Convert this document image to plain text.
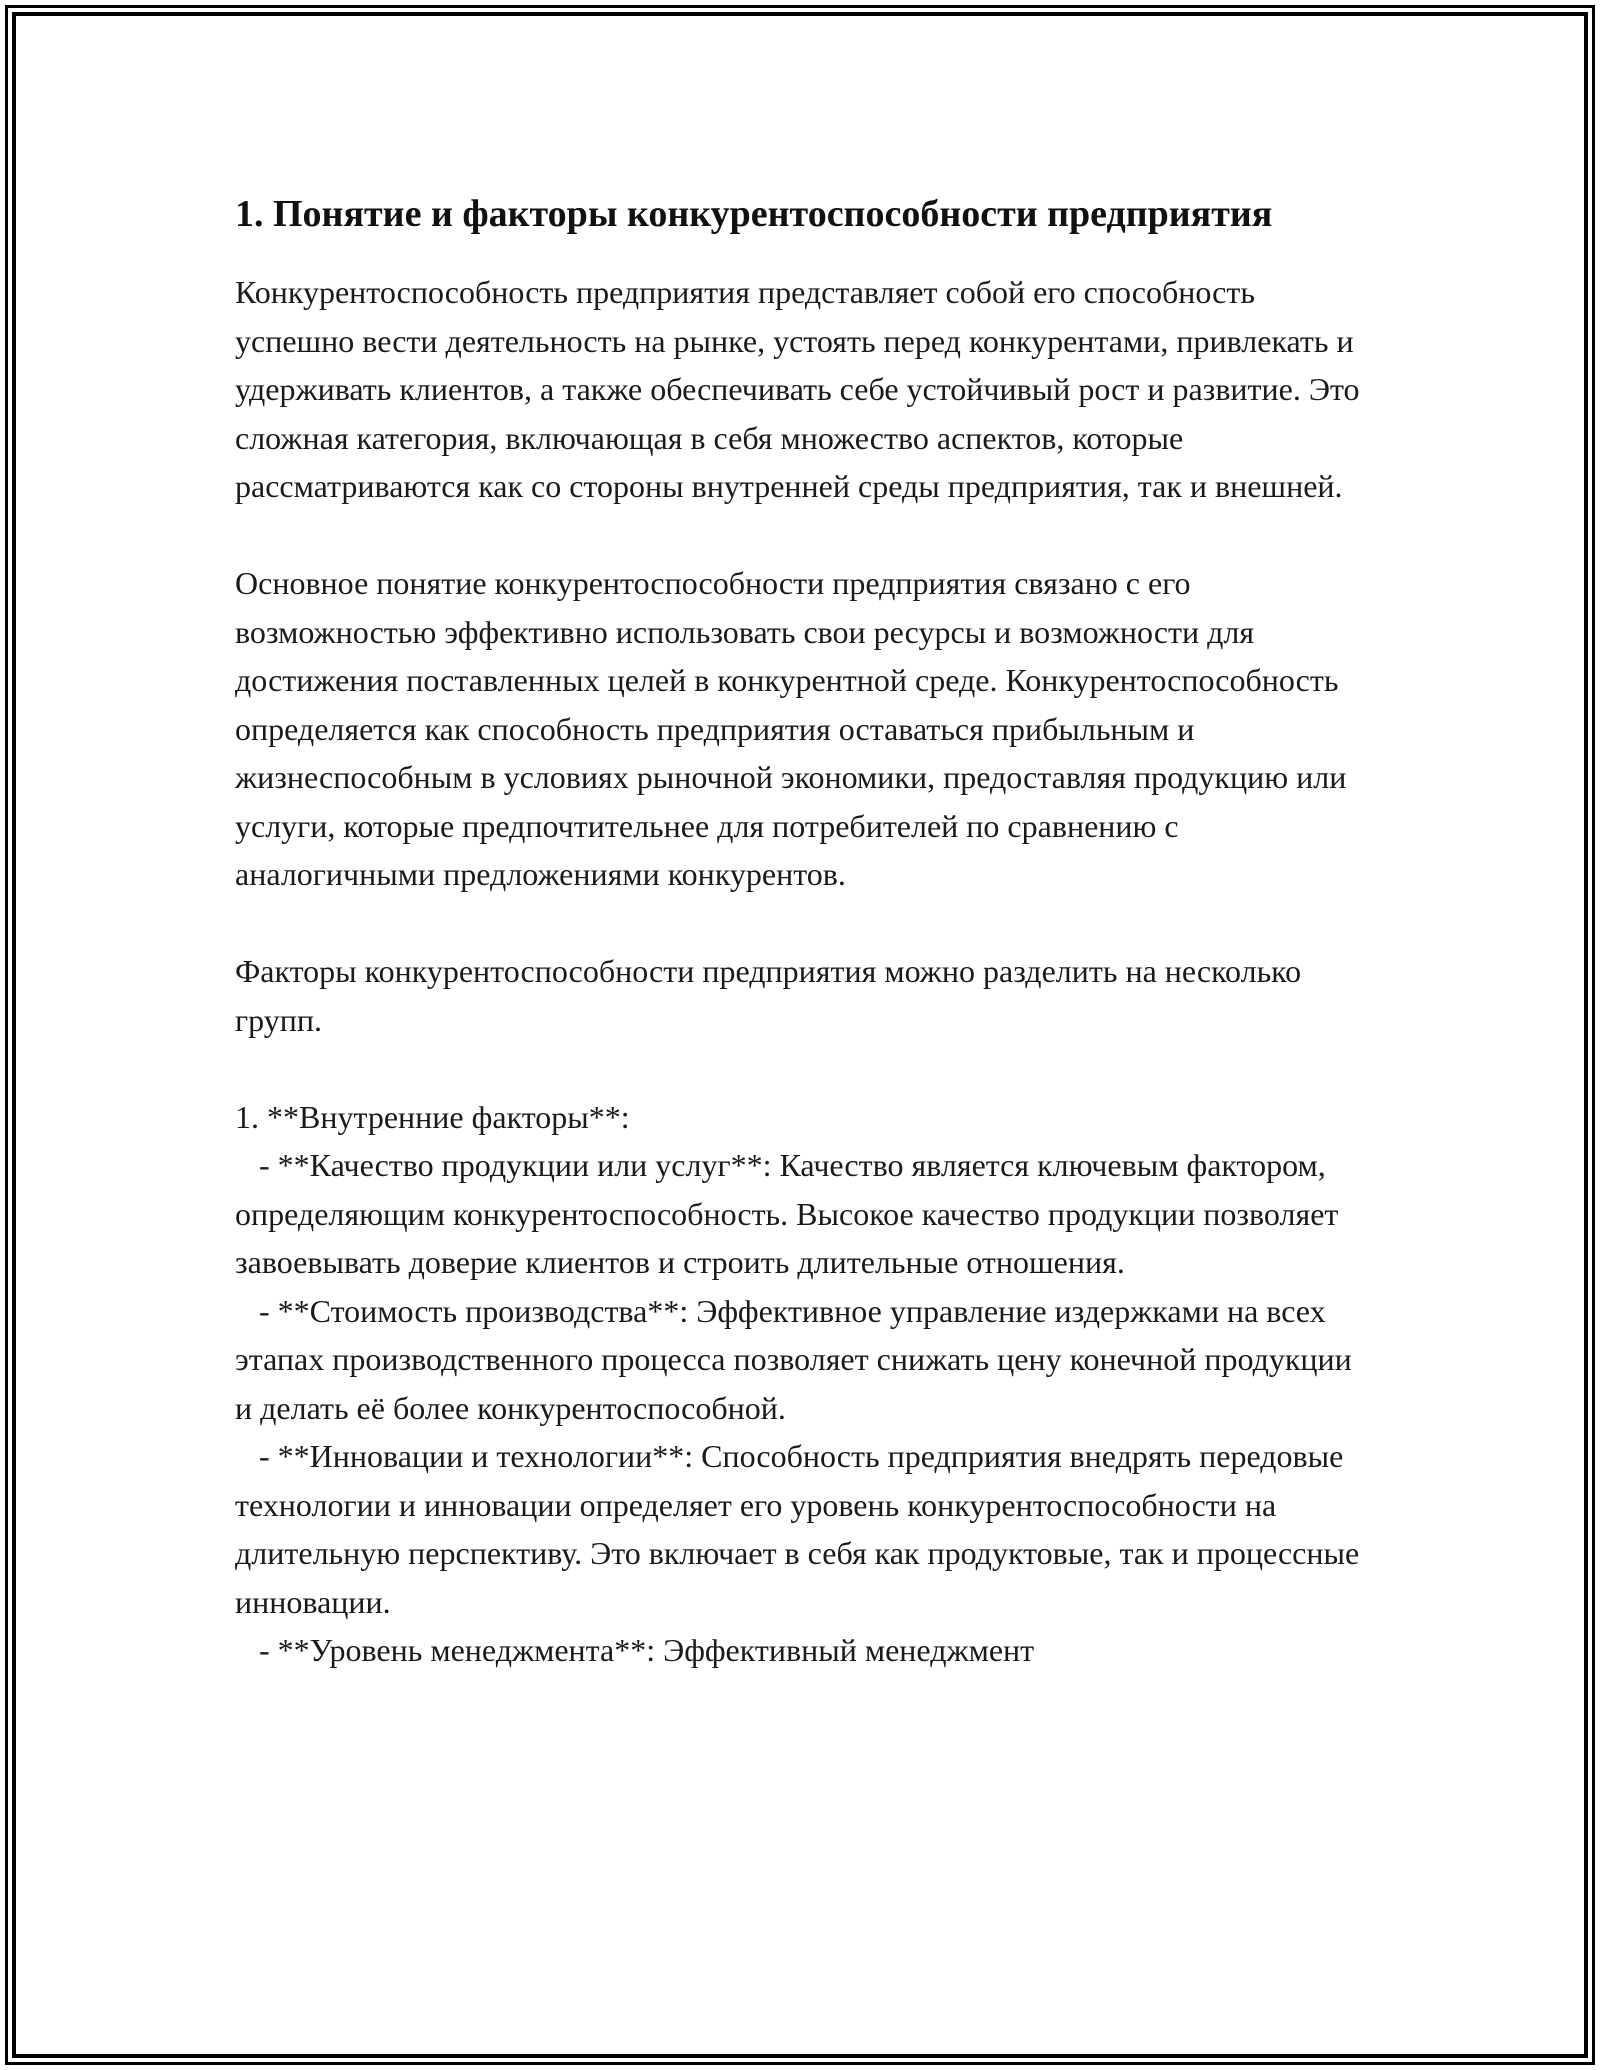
1. Понятие и факторы конкурентоспособности предприятия

Конкурентоспособность предприятия представляет собой его способность успешно вести деятельность на рынке, устоять перед конкурентами, привлекать и удерживать клиентов, а также обеспечивать себе устойчивый рост и развитие. Это сложная категория, включающая в себя множество аспектов, которые рассматриваются как со стороны внутренней среды предприятия, так и внешней.

Основное понятие конкурентоспособности предприятия связано с его возможностью эффективно использовать свои ресурсы и возможности для достижения поставленных целей в конкурентной среде. Конкурентоспособность определяется как способность предприятия оставаться прибыльным и жизнеспособным в условиях рыночной экономики, предоставляя продукцию или услуги, которые предпочтительнее для потребителей по сравнению с аналогичными предложениями конкурентов.

Факторы конкурентоспособности предприятия можно разделить на несколько групп.

1. **Внутренние факторы**:

- **Качество продукции или услуг**: Качество является ключевым фактором, определяющим конкурентоспособность. Высокое качество продукции позволяет завоевывать доверие клиентов и строить длительные отношения.

- **Стоимость производства**: Эффективное управление издержками на всех этапах производственного процесса позволяет снижать цену конечной продукции и делать её более конкурентоспособной.

- **Инновации и технологии**: Способность предприятия внедрять передовые технологии и инновации определяет его уровень конкурентоспособности на длительную перспективу. Это включает в себя как продуктовые, так и процессные инновации.

- **Уровень менеджмента**: Эффективный менеджмент
